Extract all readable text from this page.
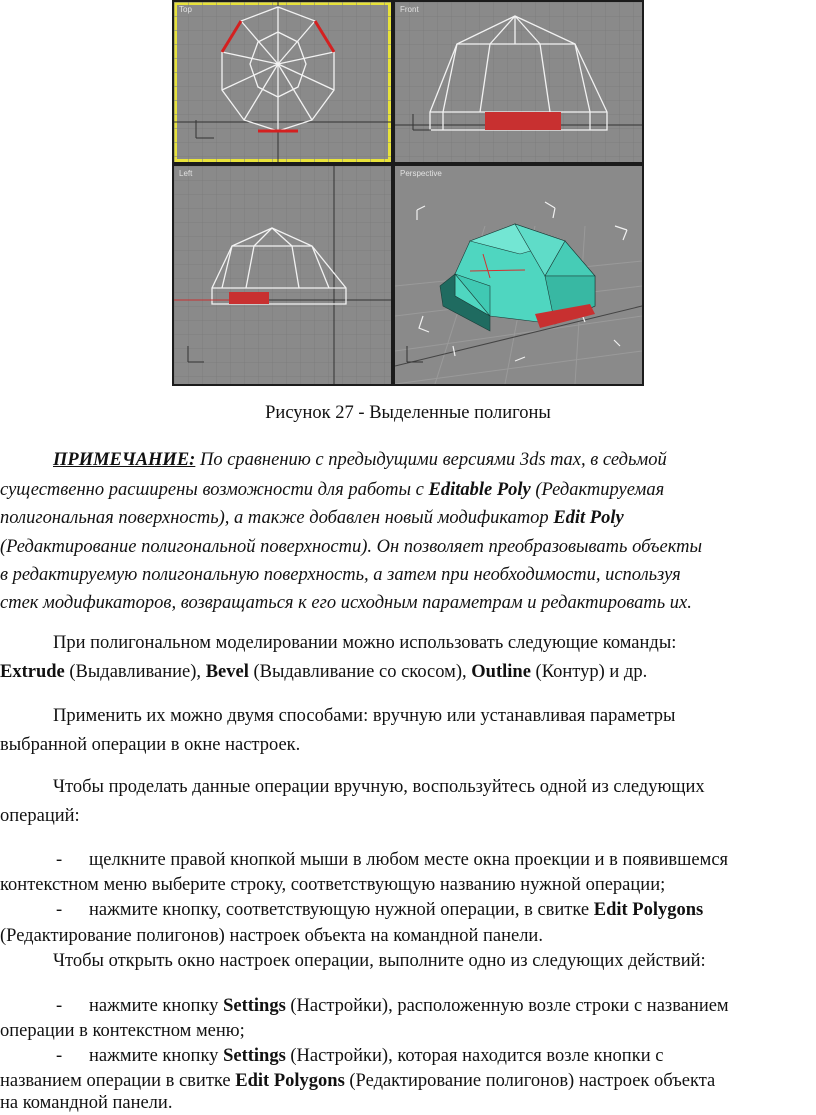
Top	Front
Left	Perspective
Рисунок 27 - Выделенные полигоны
ПРИМЕЧАНИЕ: По сравнению с предыдущими версиями 3ds max, в седьмой
существенно расширены возможности для работы с Editable Poly (Редактируемая
полигональная поверхность), а также добавлен новый модификатор Edit Poly
(Редактирование полигональной поверхности). Он позволяет преобразовывать объекты
в редактируемую полигональную поверхность, а затем при необходимости, используя
стек модификаторов, возвращаться к его исходным параметрам и редактировать их.
При полигональном моделировании можно использовать следующие команды:
Extrude (Выдавливание), Bevel (Выдавливание со скосом), Outline (Контур) и др.
Применить их можно двумя способами: вручную или устанавливая параметры
выбранной операции в окне настроек.
Чтобы проделать данные операции вручную, воспользуйтесь одной из следующих
операций:
- щелкните правой кнопкой мыши в любом месте окна проекции и в появившемся
контекстном меню выберите строку, соответствующую названию нужной операции;
- нажмите кнопку, соответствующую нужной операции, в свитке Edit Polygons
(Редактирование полигонов) настроек объекта на командной панели.
Чтобы открыть окно настроек операции, выполните одно из следующих действий:
- нажмите кнопку Settings (Настройки), расположенную возле строки с названием
операции в контекстном меню;
- нажмите кнопку Settings (Настройки), которая находится возле кнопки с
названием операции в свитке Edit Polygons (Редактирование полигонов) настроек объекта
на командной панели.
